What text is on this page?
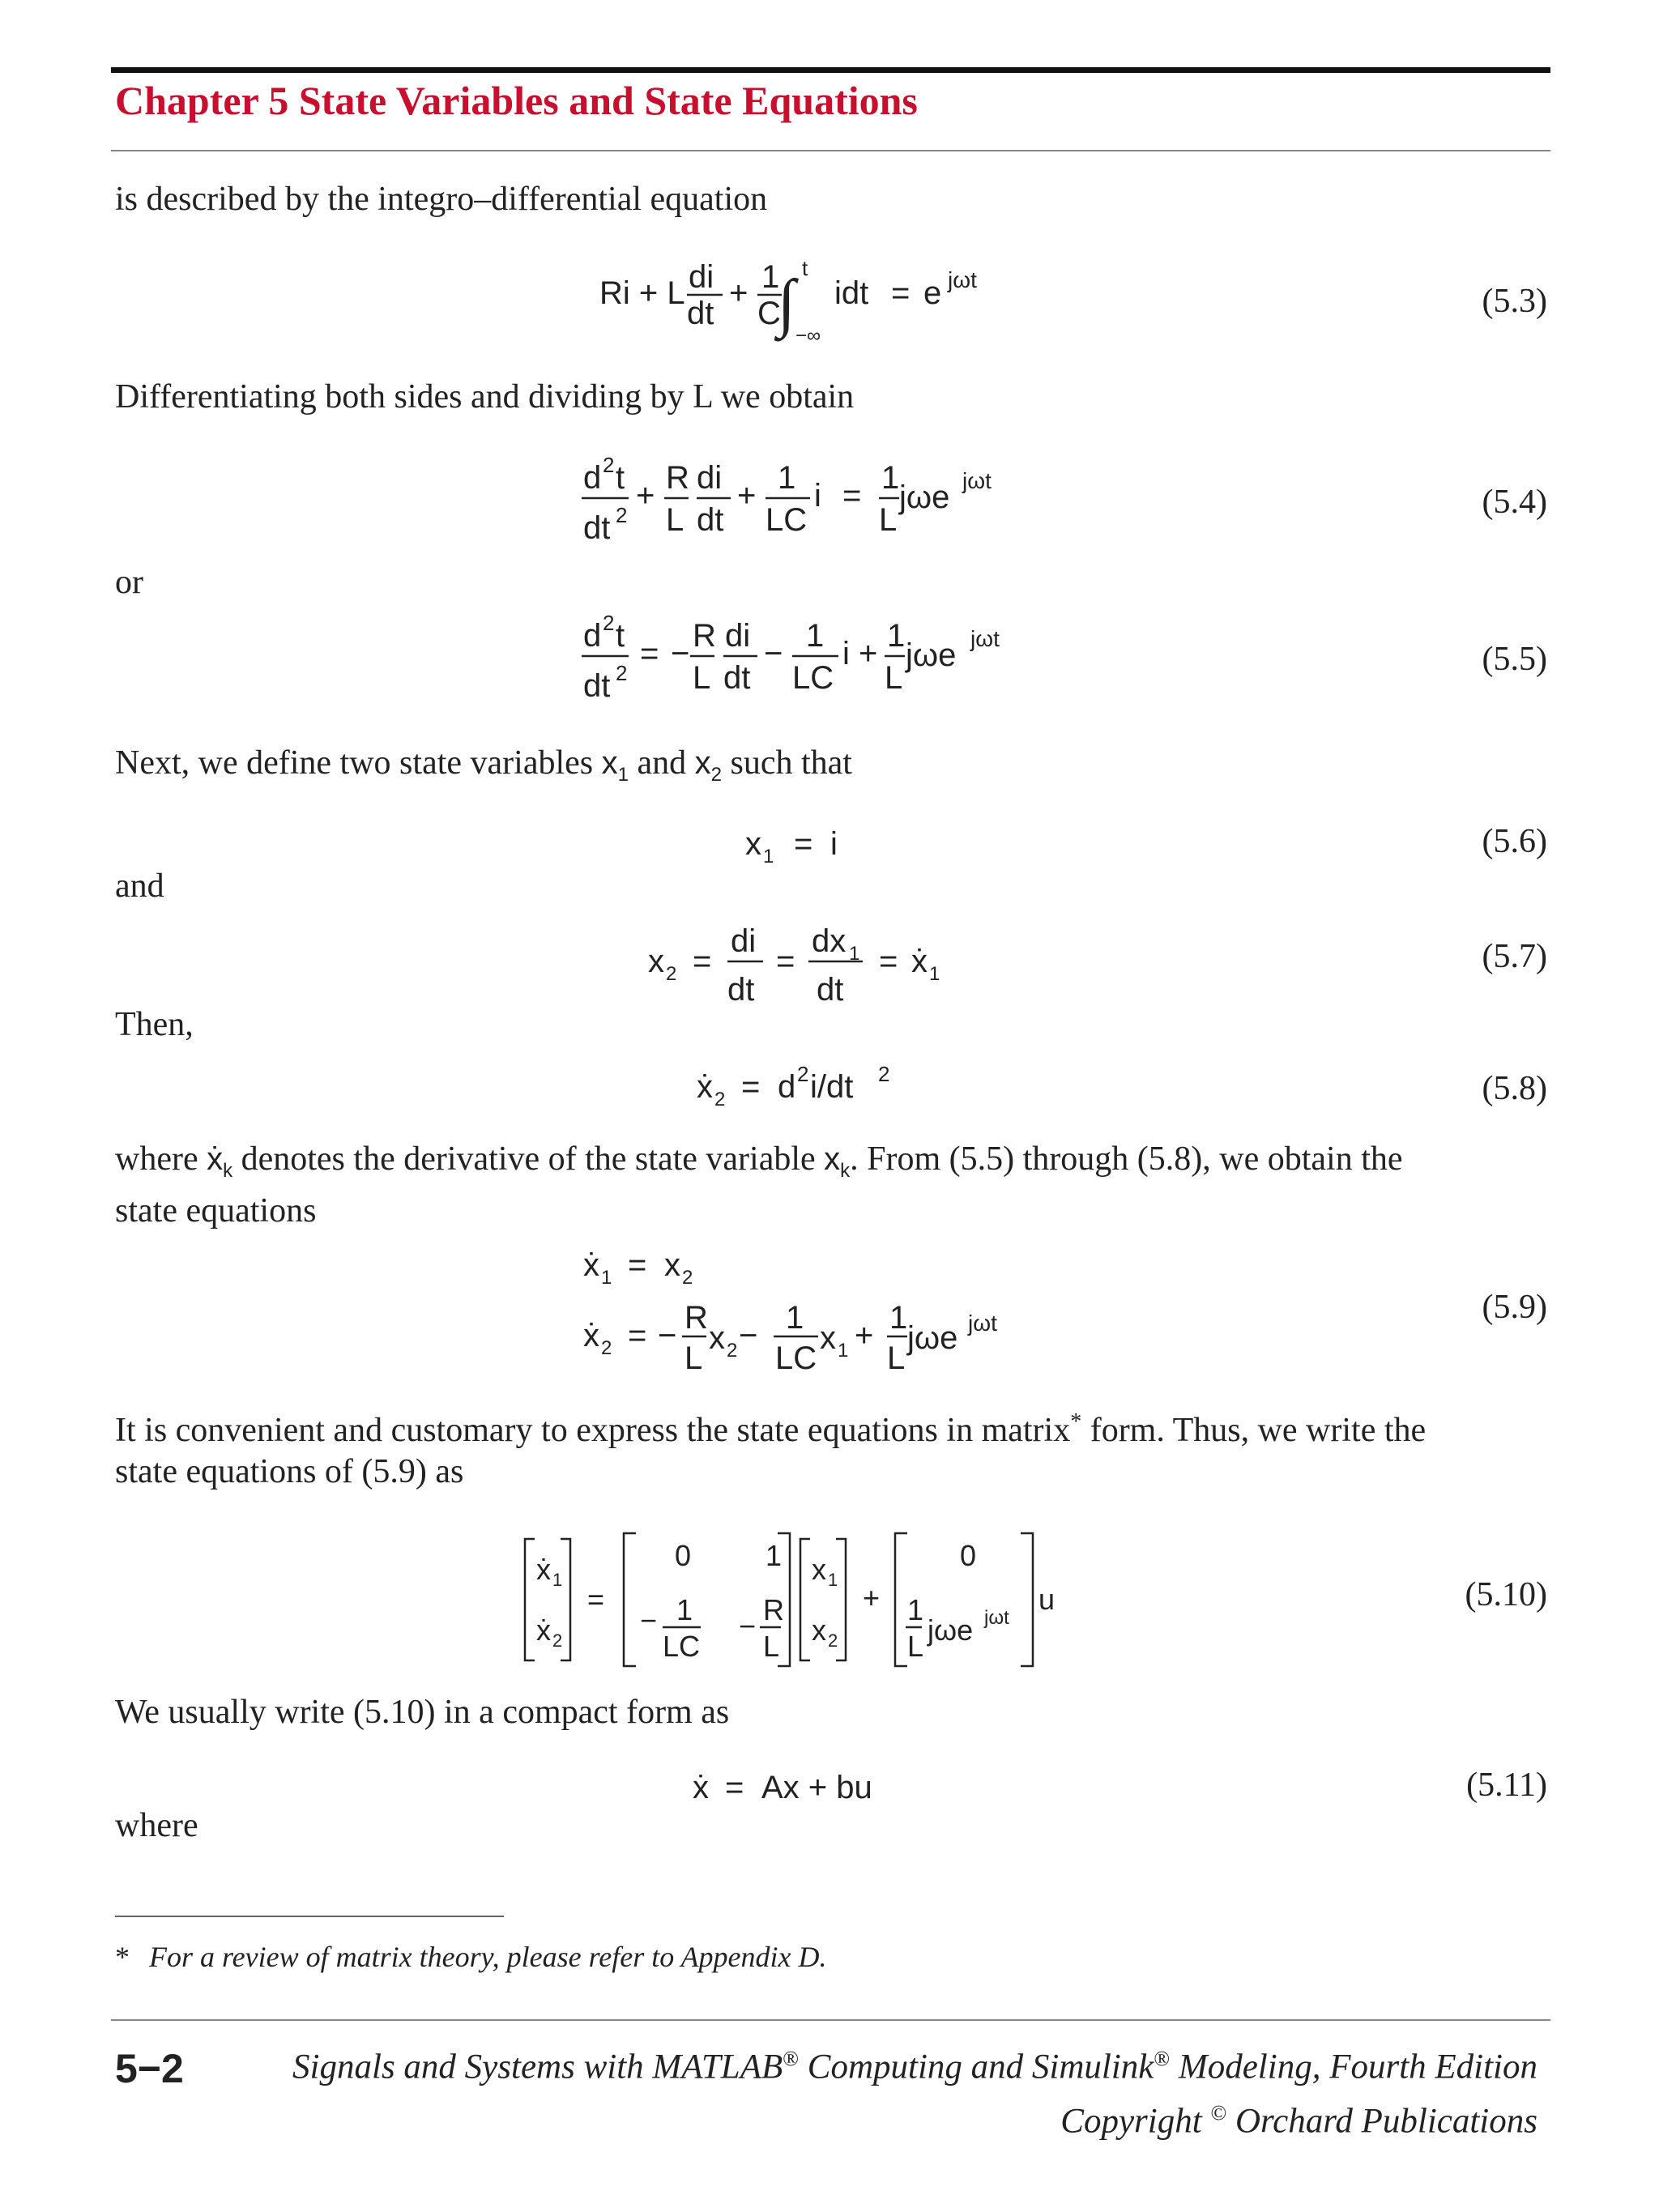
Chapter 5 State Variables and State Equations
is described by the integro–differential equation
Differentiating both sides and dividing by L we obtain
or
Next, we define two state variables $x_1$ and $x_2$ such that
and
Then,
where ẋ$_k$ denotes the derivative of the state variable $x_k$. From (5.5) through (5.8), we obtain the
state equations
It is convenient and customary to express the state equations in matrix* form. Thus, we write the
state equations of (5.9) as
We usually write (5.10) in a compact form as
where
(5.3)
(5.4)
(5.5)
(5.6)
(5.7)
(5.8)
(5.9)
(5.10)
(5.11)
Ri + L di
dt
+ 1
C
∫ t
−∞
idt = e jωt
d 2 t
dt 2
+ R
L
di
dt
+ 1
LC
i = 1
L
jωe jωt
d 2 t
dt 2
= − R
L
di
dt
− 1
LC
i + 1
L
jωe jωt
x 1 = i
x 2 =
di
dt
=
dx 1
dt
= ẋ 1
ẋ 2 = d 2 i/dt 2
ẋ 1 = x 2
ẋ 2 = − R
L
x 2 − 1
LC
x 1 + 1
L
jωe jωt
ẋ 1
ẋ 2
=
0	1
− 1
LC
− R
L
x 1
x 2
+
0
1
L jωe jωt
u
ẋ = Ax + bu
* For a review of matrix theory, please refer to Appendix D.
5−2	Signals and Systems with MATLAB® Computing and Simulink® Modeling, Fourth Edition
Copyright © Orchard Publications
